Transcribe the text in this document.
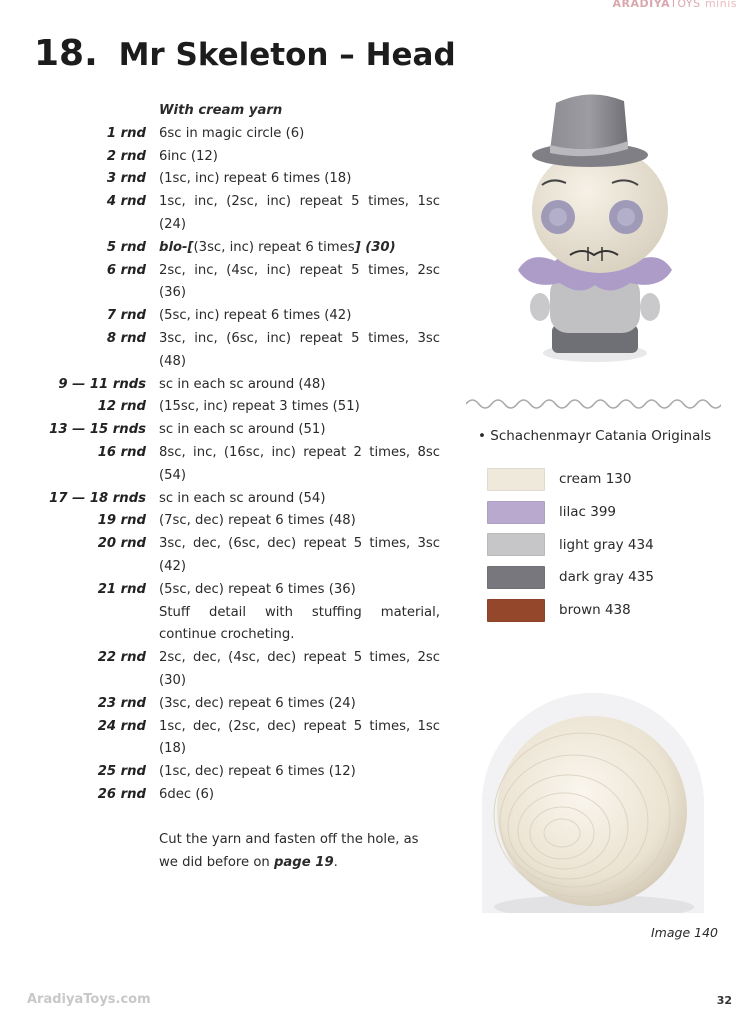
ARADIYATOYS minis
18. Mr Skeleton – Head
With cream yarn
1 rnd 6sc in magic circle (6)
2 rnd 6inc (12)
3 rnd (1sc, inc) repeat 6 times (18)
4 rnd 1sc, inc, (2sc, inc) repeat 5 times, 1sc (24)
5 rnd blo-[(3sc, inc) repeat 6 times] (30)
6 rnd 2sc, inc, (4sc, inc) repeat 5 times, 2sc (36)
7 rnd (5sc, inc) repeat 6 times (42)
8 rnd 3sc, inc, (6sc, inc) repeat 5 times, 3sc (48)
9 — 11 rnds sc in each sc around (48)
12 rnd (15sc, inc) repeat 3 times (51)
13 — 15 rnds sc in each sc around (51)
16 rnd 8sc, inc, (16sc, inc) repeat 2 times, 8sc (54)
17 — 18 rnds sc in each sc around (54)
19 rnd (7sc, dec) repeat 6 times (48)
20 rnd 3sc, dec, (6sc, dec) repeat 5 times, 3sc (42)
21 rnd (5sc, dec) repeat 6 times (36)
Stuff detail with stuffing material, continue crocheting.
22 rnd 2sc, dec, (4sc, dec) repeat 5 times, 2sc (30)
23 rnd (3sc, dec) repeat 6 times (24)
24 rnd 1sc, dec, (2sc, dec) repeat 5 times, 1sc (18)
25 rnd (1sc, dec) repeat 6 times (12)
26 rnd 6dec (6)
Cut the yarn and fasten off the hole, as we did before on page 19.
• Schachenmayr Catania Originals
cream 130
lilac 399
light gray 434
dark gray 435
brown 438
Image 140
AradiyaToys.com	32
